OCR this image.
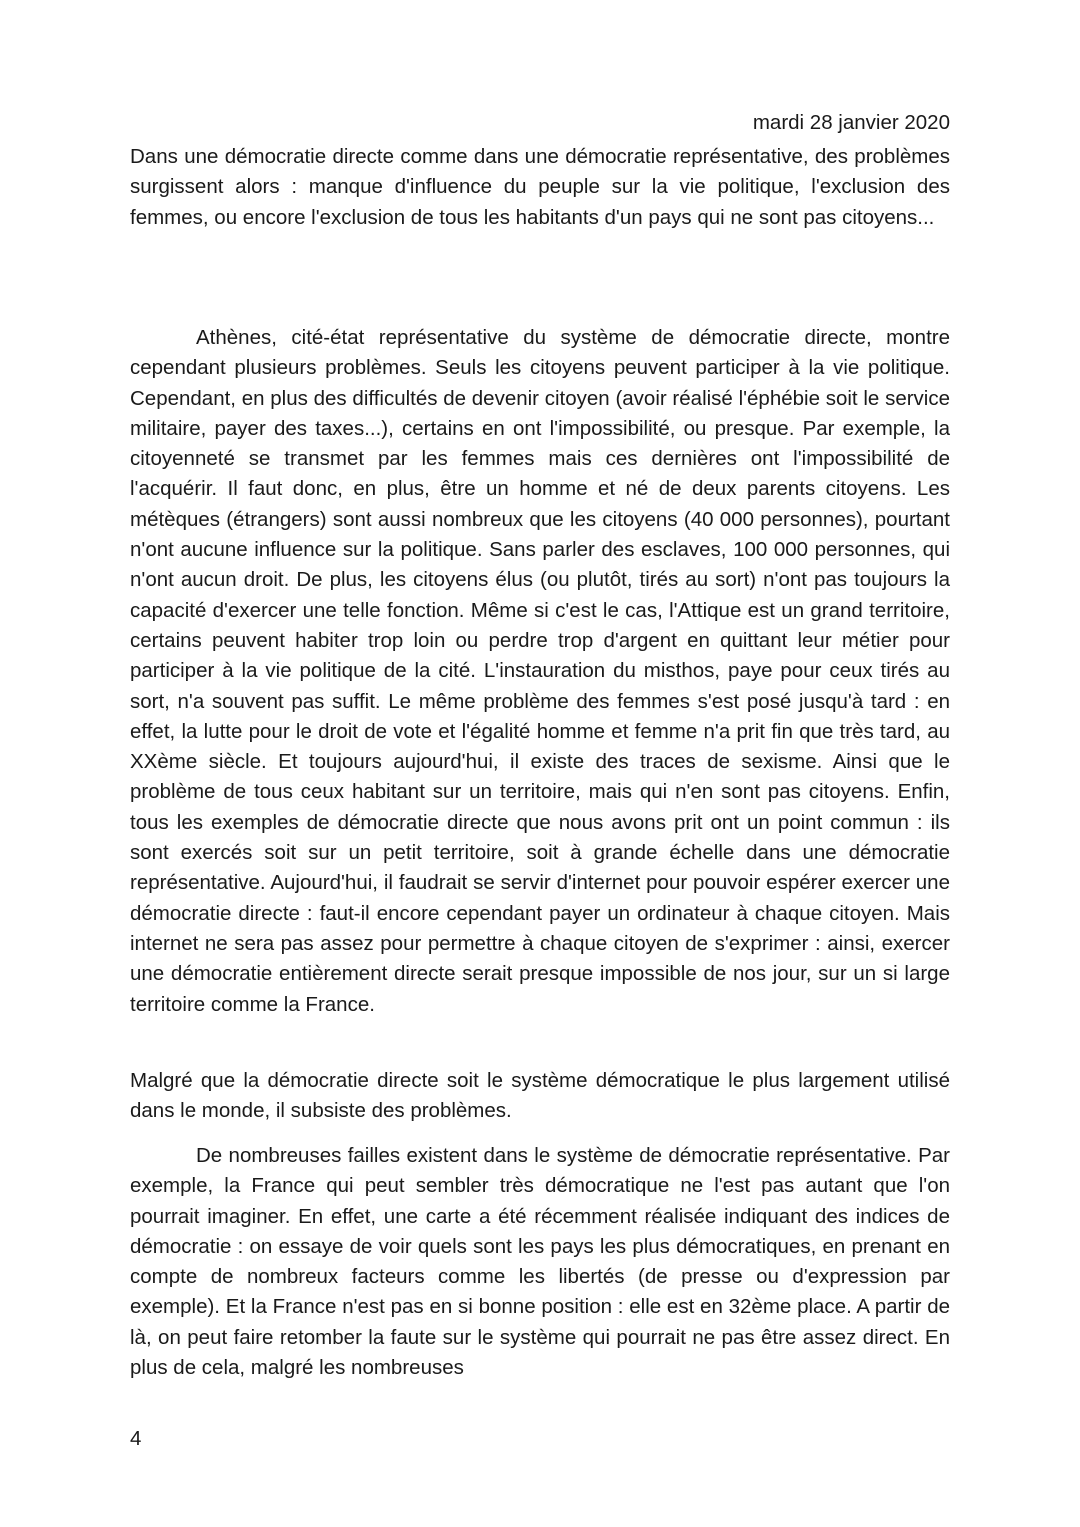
mardi 28 janvier 2020

Dans une démocratie directe comme dans une démocratie représentative, des problèmes surgissent alors : manque d'influence du peuple sur la vie politique, l'exclusion des femmes, ou encore l'exclusion de tous les habitants d'un pays qui ne sont pas citoyens...

Athènes, cité-état représentative du système de démocratie directe, montre cependant plusieurs problèmes. Seuls les citoyens peuvent participer à la vie politique. Cependant, en plus des difficultés de devenir citoyen (avoir réalisé l'éphébie soit le service militaire, payer des taxes...), certains en ont l'impossibilité, ou presque. Par exemple, la citoyenneté se transmet par les femmes mais ces dernières ont l'impossibilité de l'acquérir. Il faut donc, en plus, être un homme et né de deux parents citoyens. Les métèques (étrangers) sont aussi nombreux que les citoyens (40 000 personnes), pourtant n'ont aucune influence sur la politique. Sans parler des esclaves, 100 000 personnes, qui n'ont aucun droit. De plus, les citoyens élus (ou plutôt, tirés au sort) n'ont pas toujours la capacité d'exercer une telle fonction. Même si c'est le cas, l'Attique est un grand territoire, certains peuvent habiter trop loin ou perdre trop d'argent en quittant leur métier pour participer à la vie politique de la cité. L'instauration du misthos, paye pour ceux tirés au sort, n'a souvent pas suffit. Le même problème des femmes s'est posé jusqu'à tard : en effet, la lutte pour le droit de vote et l'égalité homme et femme n'a prit fin que très tard, au XXème siècle. Et toujours aujourd'hui, il existe des traces de sexisme. Ainsi que le problème de tous ceux habitant sur un territoire, mais qui n'en sont pas citoyens. Enfin, tous les exemples de démocratie directe que nous avons prit ont un point commun : ils sont exercés soit sur un petit territoire, soit à grande échelle dans une démocratie représentative. Aujourd'hui, il faudrait se servir d'internet pour pouvoir espérer exercer une démocratie directe : faut-il encore cependant payer un ordinateur à chaque citoyen. Mais internet ne sera pas assez pour permettre à chaque citoyen de s'exprimer : ainsi, exercer une démocratie entièrement directe serait presque impossible de nos jour, sur un si large territoire comme la France.

Malgré que la démocratie directe soit le système démocratique le plus largement utilisé dans le monde, il subsiste des problèmes.

De nombreuses failles existent dans le système de démocratie représentative. Par exemple, la France qui peut sembler très démocratique ne l'est pas autant que l'on pourrait imaginer. En effet, une carte a été récemment réalisée indiquant des indices de démocratie : on essaye de voir quels sont les pays les plus démocratiques, en prenant en compte de nombreux facteurs comme les libertés (de presse ou d'expression par exemple). Et la France n'est pas en si bonne position : elle est en 32ème place. A partir de là, on peut faire retomber la faute sur le système qui pourrait ne pas être assez direct. En plus de cela, malgré les nombreuses

4
